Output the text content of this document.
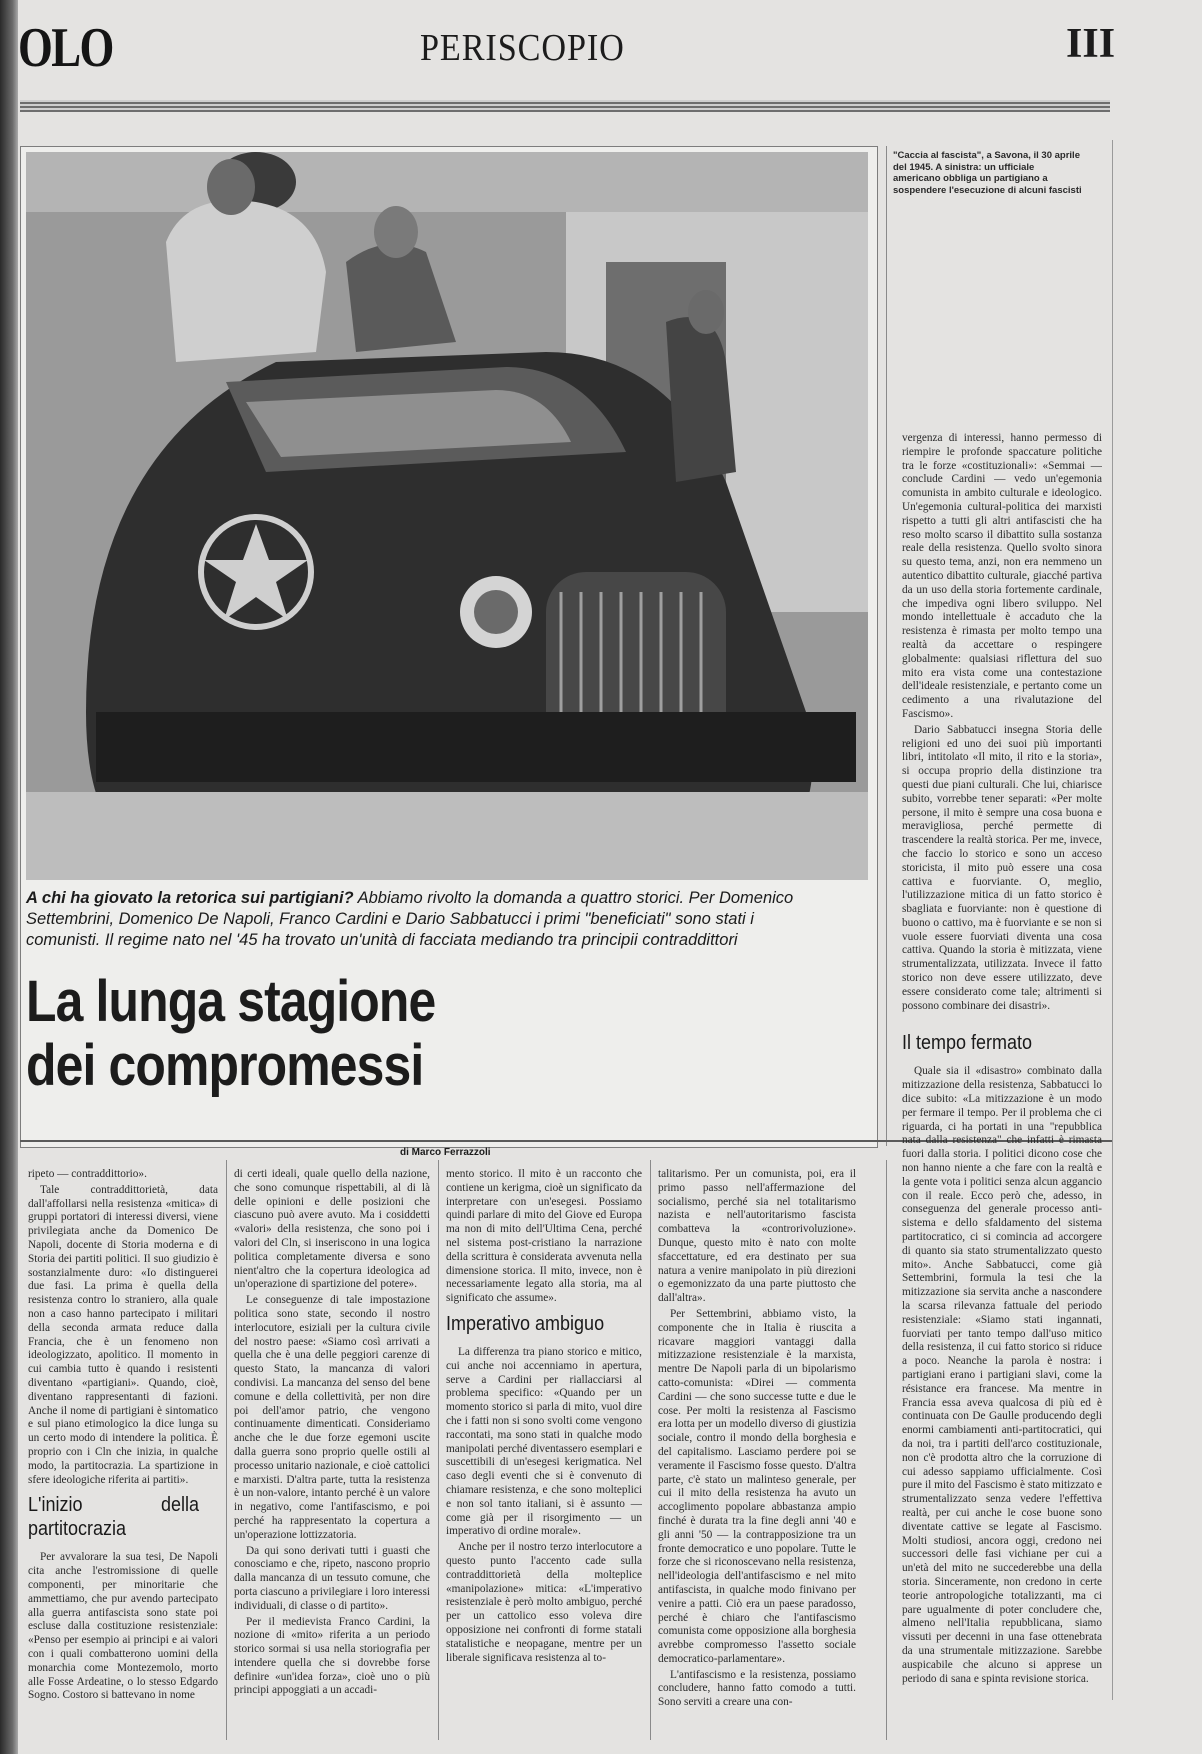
OLO	PERISCOPIO	III
A chi ha giovato la retorica sui partigiani? Abbiamo rivolto la domanda a quattro storici. Per Domenico Settembrini, Domenico De Napoli, Franco Cardini e Dario Sabbatucci i primi "beneficiati" sono stati i comunisti. Il regime nato nel '45 ha trovato un'unità di facciata mediando tra principii contraddittori
La lunga stagione
dei compromessi
"Caccia al fascista", a Savona, il 30 aprile del 1945. A sinistra: un ufficiale americano obbliga un partigiano a sospendere l'esecuzione di alcuni fascisti
di Marco Ferrazzoli

ripeto — contraddittorio».

Tale contraddittorietà, data dall'affollarsi nella resistenza «mitica» di gruppi portatori di interessi diversi, viene privilegiata anche da Domenico De Napoli, docente di Storia moderna e di Storia dei partiti politici. Il suo giudizio è sostanzialmente duro: «Io distinguerei due fasi. La prima è quella della resistenza contro lo straniero, alla quale non a caso hanno partecipato i militari della seconda armata reduce dalla Francia, che è un fenomeno non ideologizzato, apolitico. Il momento in cui cambia tutto è quando i resistenti diventano «partigiani». Quando, cioè, diventano rappresentanti di fazioni. Anche il nome di partigiani è sintomatico e sul piano etimologico la dice lunga su un certo modo di intendere la politica. È proprio con i Cln che inizia, in qualche modo, la partitocrazia. La spartizione in sfere ideologiche riferita ai partiti».

L'inizio della partitocrazia

Per avvalorare la sua tesi, De Napoli cita anche l'estromissione di quelle componenti, per minoritarie che ammettiamo, che pur avendo partecipato alla guerra antifascista sono state poi escluse dalla costituzione resistenziale: «Penso per esempio ai principi e ai valori con i quali combatterono uomini della monarchia come Montezemolo, morto alle Fosse Ardeatine, o lo stesso Edgardo Sogno. Costoro si battevano in nome

di certi ideali, quale quello della nazione, che sono comunque rispettabili, al di là delle opinioni e delle posizioni che ciascuno può avere avuto. Ma i cosiddetti «valori» della resistenza, che sono poi i valori del Cln, si inseriscono in una logica politica completamente diversa e sono nient'altro che la copertura ideologica ad un'operazione di spartizione del potere».

Le conseguenze di tale impostazione politica sono state, secondo il nostro interlocutore, esiziali per la cultura civile del nostro paese: «Siamo così arrivati a quella che è una delle peggiori carenze di questo Stato, la mancanza di valori condivisi. La mancanza del senso del bene comune e della collettività, per non dire poi dell'amor patrio, che vengono continuamente dimenticati. Consideriamo anche che le due forze egemoni uscite dalla guerra sono proprio quelle ostili al processo unitario nazionale, e cioè cattolici e marxisti. D'altra parte, tutta la resistenza è un non-valore, intanto perché è un valore in negativo, come l'antifascismo, e poi perché ha rappresentato la copertura a un'operazione lottizzatoria.

Da qui sono derivati tutti i guasti che conosciamo e che, ripeto, nascono proprio dalla mancanza di un tessuto comune, che porta ciascuno a privilegiare i loro interessi individuali, di classe o di partito».

Per il medievista Franco Cardini, la nozione di «mito» riferita a un periodo storico sormai si usa nella storiografia per intendere quella che si dovrebbe forse definire «un'idea forza», cioè uno o più principi appoggiati a un accadi-

mento storico. Il mito è un racconto che contiene un kerigma, cioè un significato da interpretare con un'esegesi. Possiamo quindi parlare di mito del Giove ed Europa ma non di mito dell'Ultima Cena, perché nel sistema post-cristiano la narrazione della scrittura è considerata avvenuta nella dimensione storica. Il mito, invece, non è necessariamente legato alla storia, ma al significato che assume».

Imperativo ambiguo

La differenza tra piano storico e mitico, cui anche noi accenniamo in apertura, serve a Cardini per riallacciarsi al problema specifico: «Quando per un momento storico si parla di mito, vuol dire che i fatti non si sono svolti come vengono raccontati, ma sono stati in qualche modo manipolati perché diventassero esemplari e suscettibili di un'esegesi kerigmatica. Nel caso degli eventi che si è convenuto di chiamare resistenza, e che sono molteplici e non sol tanto italiani, si è assunto — come già per il risorgimento — un imperativo di ordine morale».

Anche per il nostro terzo interlocutore a questo punto l'accento cade sulla contraddittorietà della molteplice «manipolazione» mitica: «L'imperativo resistenziale è però molto ambiguo, perché per un cattolico esso voleva dire opposizione nei confronti di forme statali statalistiche e neopagane, mentre per un liberale significava resistenza al to-

talitarismo. Per un comunista, poi, era il primo passo nell'affermazione del socialismo, perché sia nel totalitarismo nazista e nell'autoritarismo fascista combatteva la «controrivoluzione». Dunque, questo mito è nato con molte sfaccettature, ed era destinato per sua natura a venire manipolato in più direzioni o egemonizzato da una parte piuttosto che dall'altra».

Per Settembrini, abbiamo visto, la componente che in Italia è riuscita a ricavare maggiori vantaggi dalla mitizzazione resistenziale è la marxista, mentre De Napoli parla di un bipolarismo catto-comunista: «Direi — commenta Cardini — che sono successe tutte e due le cose. Per molti la resistenza al Fascismo era lotta per un modello diverso di giustizia sociale, contro il mondo della borghesia e del capitalismo. Lasciamo perdere poi se veramente il Fascismo fosse questo. D'altra parte, c'è stato un malinteso generale, per cui il mito della resistenza ha avuto un accoglimento popolare abbastanza ampio finché è durata tra la fine degli anni '40 e gli anni '50 — la contrapposizione tra un fronte democratico e uno popolare. Tutte le forze che si riconoscevano nella resistenza, nell'ideologia dell'antifascismo e nel mito antifascista, in qualche modo finivano per venire a patti. Ciò era un paese paradosso, perché è chiaro che l'antifascismo comunista come opposizione alla borghesia avrebbe compromesso l'assetto sociale democratico-parlamentare».

L'antifascismo e la resistenza, possiamo concludere, hanno fatto comodo a tutti. Sono serviti a creare una con-

vergenza di interessi, hanno permesso di riempire le profonde spaccature politiche tra le forze «costituzionali»: «Semmai — conclude Cardini — vedo un'egemonia comunista in ambito culturale e ideologico. Un'egemonia cultural-politica dei marxisti rispetto a tutti gli altri antifascisti che ha reso molto scarso il dibattito sulla sostanza reale della resistenza. Quello svolto sinora su questo tema, anzi, non era nemmeno un autentico dibattito culturale, giacché partiva da un uso della storia fortemente cardinale, che impediva ogni libero sviluppo. Nel mondo intellettuale è accaduto che la resistenza è rimasta per molto tempo una realtà da accettare o respingere globalmente: qualsiasi riflettura del suo mito era vista come una contestazione dell'ideale resistenziale, e pertanto come un cedimento a una rivalutazione del Fascismo».

Dario Sabbatucci insegna Storia delle religioni ed uno dei suoi più importanti libri, intitolato «Il mito, il rito e la storia», si occupa proprio della distinzione tra questi due piani culturali. Che lui, chiarisce subito, vorrebbe tener separati: «Per molte persone, il mito è sempre una cosa buona e meravigliosa, perché permette di trascendere la realtà storica. Per me, invece, che faccio lo storico e sono un acceso storicista, il mito può essere una cosa cattiva e fuorviante. O, meglio, l'utilizzazione mitica di un fatto storico è sbagliata e fuorviante: non è questione di buono o cattivo, ma è fuorviante e se non si vuole essere fuorviati diventa una cosa cattiva. Quando la storia è mitizzata, viene strumentalizzata, utilizzata. Invece il fatto storico non deve essere utilizzato, deve essere considerato come tale; altrimenti si possono combinare dei disastri».

Il tempo fermato

Quale sia il «disastro» combinato dalla mitizzazione della resistenza, Sabbatucci lo dice subito: «La mitizzazione è un modo per fermare il tempo. Per il problema che ci riguarda, ci ha portati in una "repubblica nata dalla resistenza" che infatti è rimasta fuori dalla storia. I politici dicono cose che non hanno niente a che fare con la realtà e la gente vota i politici senza alcun aggancio con il reale. Ecco però che, adesso, in conseguenza del generale processo anti-sistema e dello sfaldamento del sistema partitocratico, ci si comincia ad accorgere di quanto sia stato strumentalizzato questo mito». Anche Sabbatucci, come già Settembrini, formula la tesi che la mitizzazione sia servita anche a nascondere la scarsa rilevanza fattuale del periodo resistenziale: «Siamo stati ingannati, fuorviati per tanto tempo dall'uso mitico della resistenza, il cui fatto storico si riduce a poco. Neanche la parola è nostra: i partigiani erano i partigiani slavi, come la résistance era francese. Ma mentre in Francia essa aveva qualcosa di più ed è continuata con De Gaulle producendo degli enormi cambiamenti anti-partitocratici, qui da noi, tra i partiti dell'arco costituzionale, non c'è prodotta altro che la corruzione di cui adesso sappiamo ufficialmente. Così pure il mito del Fascismo è stato mitizzato e strumentalizzato senza vedere l'effettiva realtà, per cui anche le cose buone sono diventate cattive se legate al Fascismo. Molti studiosi, ancora oggi, credono nei successori delle fasi vichiane per cui a un'età del mito ne succederebbe una della storia. Sinceramente, non credono in certe teorie antropologiche totalizzanti, ma ci pare ugualmente di poter concludere che, almeno nell'Italia repubblicana, siamo vissuti per decenni in una fase ottenebrata da una strumentale mitizzazione. Sarebbe auspicabile che alcuno si apprese un periodo di sana e spinta revisione storica.
